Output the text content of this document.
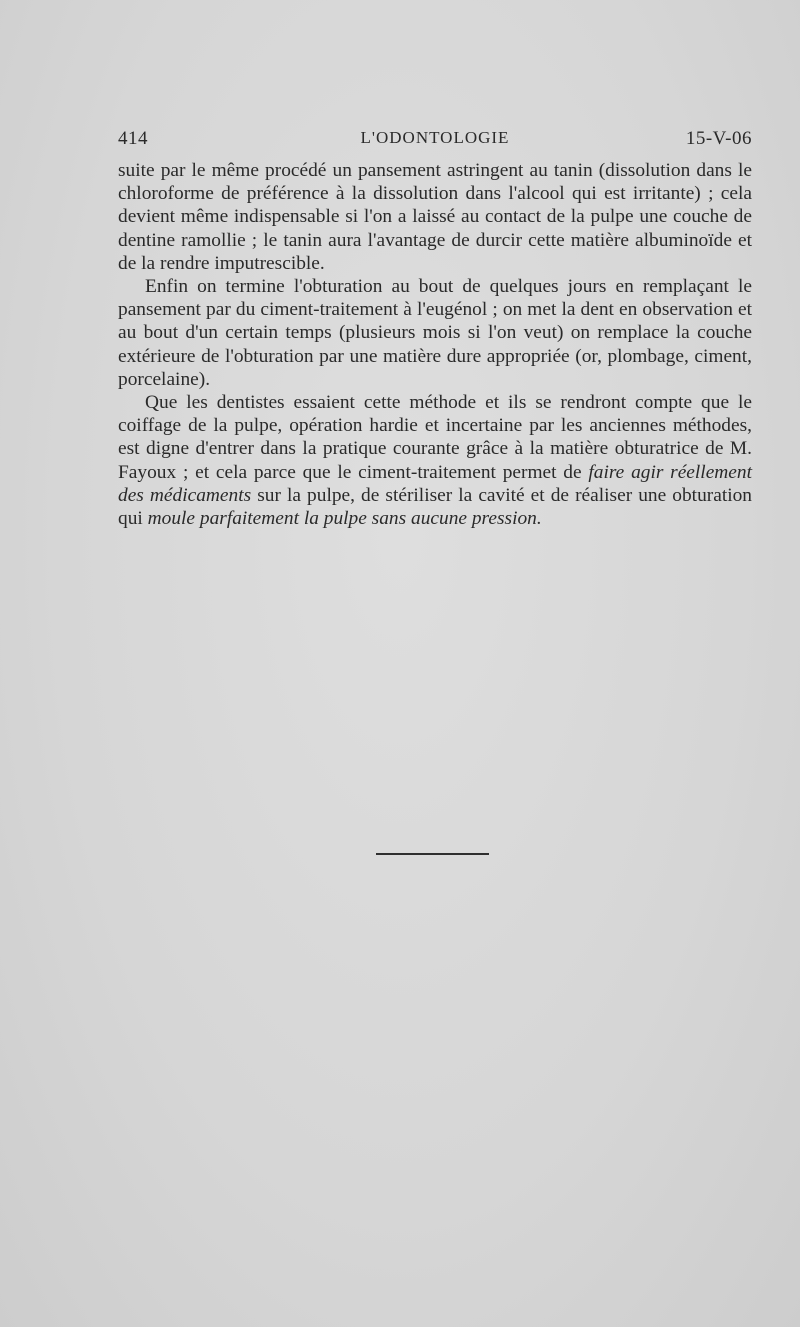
414	L'ODONTOLOGIE	15-V-06

suite par le même procédé un pansement astringent au tanin (dissolution dans le chloroforme de préférence à la dissolution dans l'alcool qui est irritante) ; cela devient même indispensable si l'on a laissé au contact de la pulpe une couche de dentine ramollie ; le tanin aura l'avantage de durcir cette matière albuminoïde et de la rendre imputrescible.

Enfin on termine l'obturation au bout de quelques jours en remplaçant le pansement par du ciment-traitement à l'eugénol ; on met la dent en observation et au bout d'un certain temps (plusieurs mois si l'on veut) on remplace la couche extérieure de l'obturation par une matière dure appropriée (or, plombage, ciment, porcelaine).

Que les dentistes essaient cette méthode et ils se rendront compte que le coiffage de la pulpe, opération hardie et incertaine par les anciennes méthodes, est digne d'entrer dans la pratique courante grâce à la matière obturatrice de M. Fayoux ; et cela parce que le ciment-traitement permet de faire agir réellement des médicaments sur la pulpe, de stériliser la cavité et de réaliser une obturation qui moule parfaitement la pulpe sans aucune pression.
